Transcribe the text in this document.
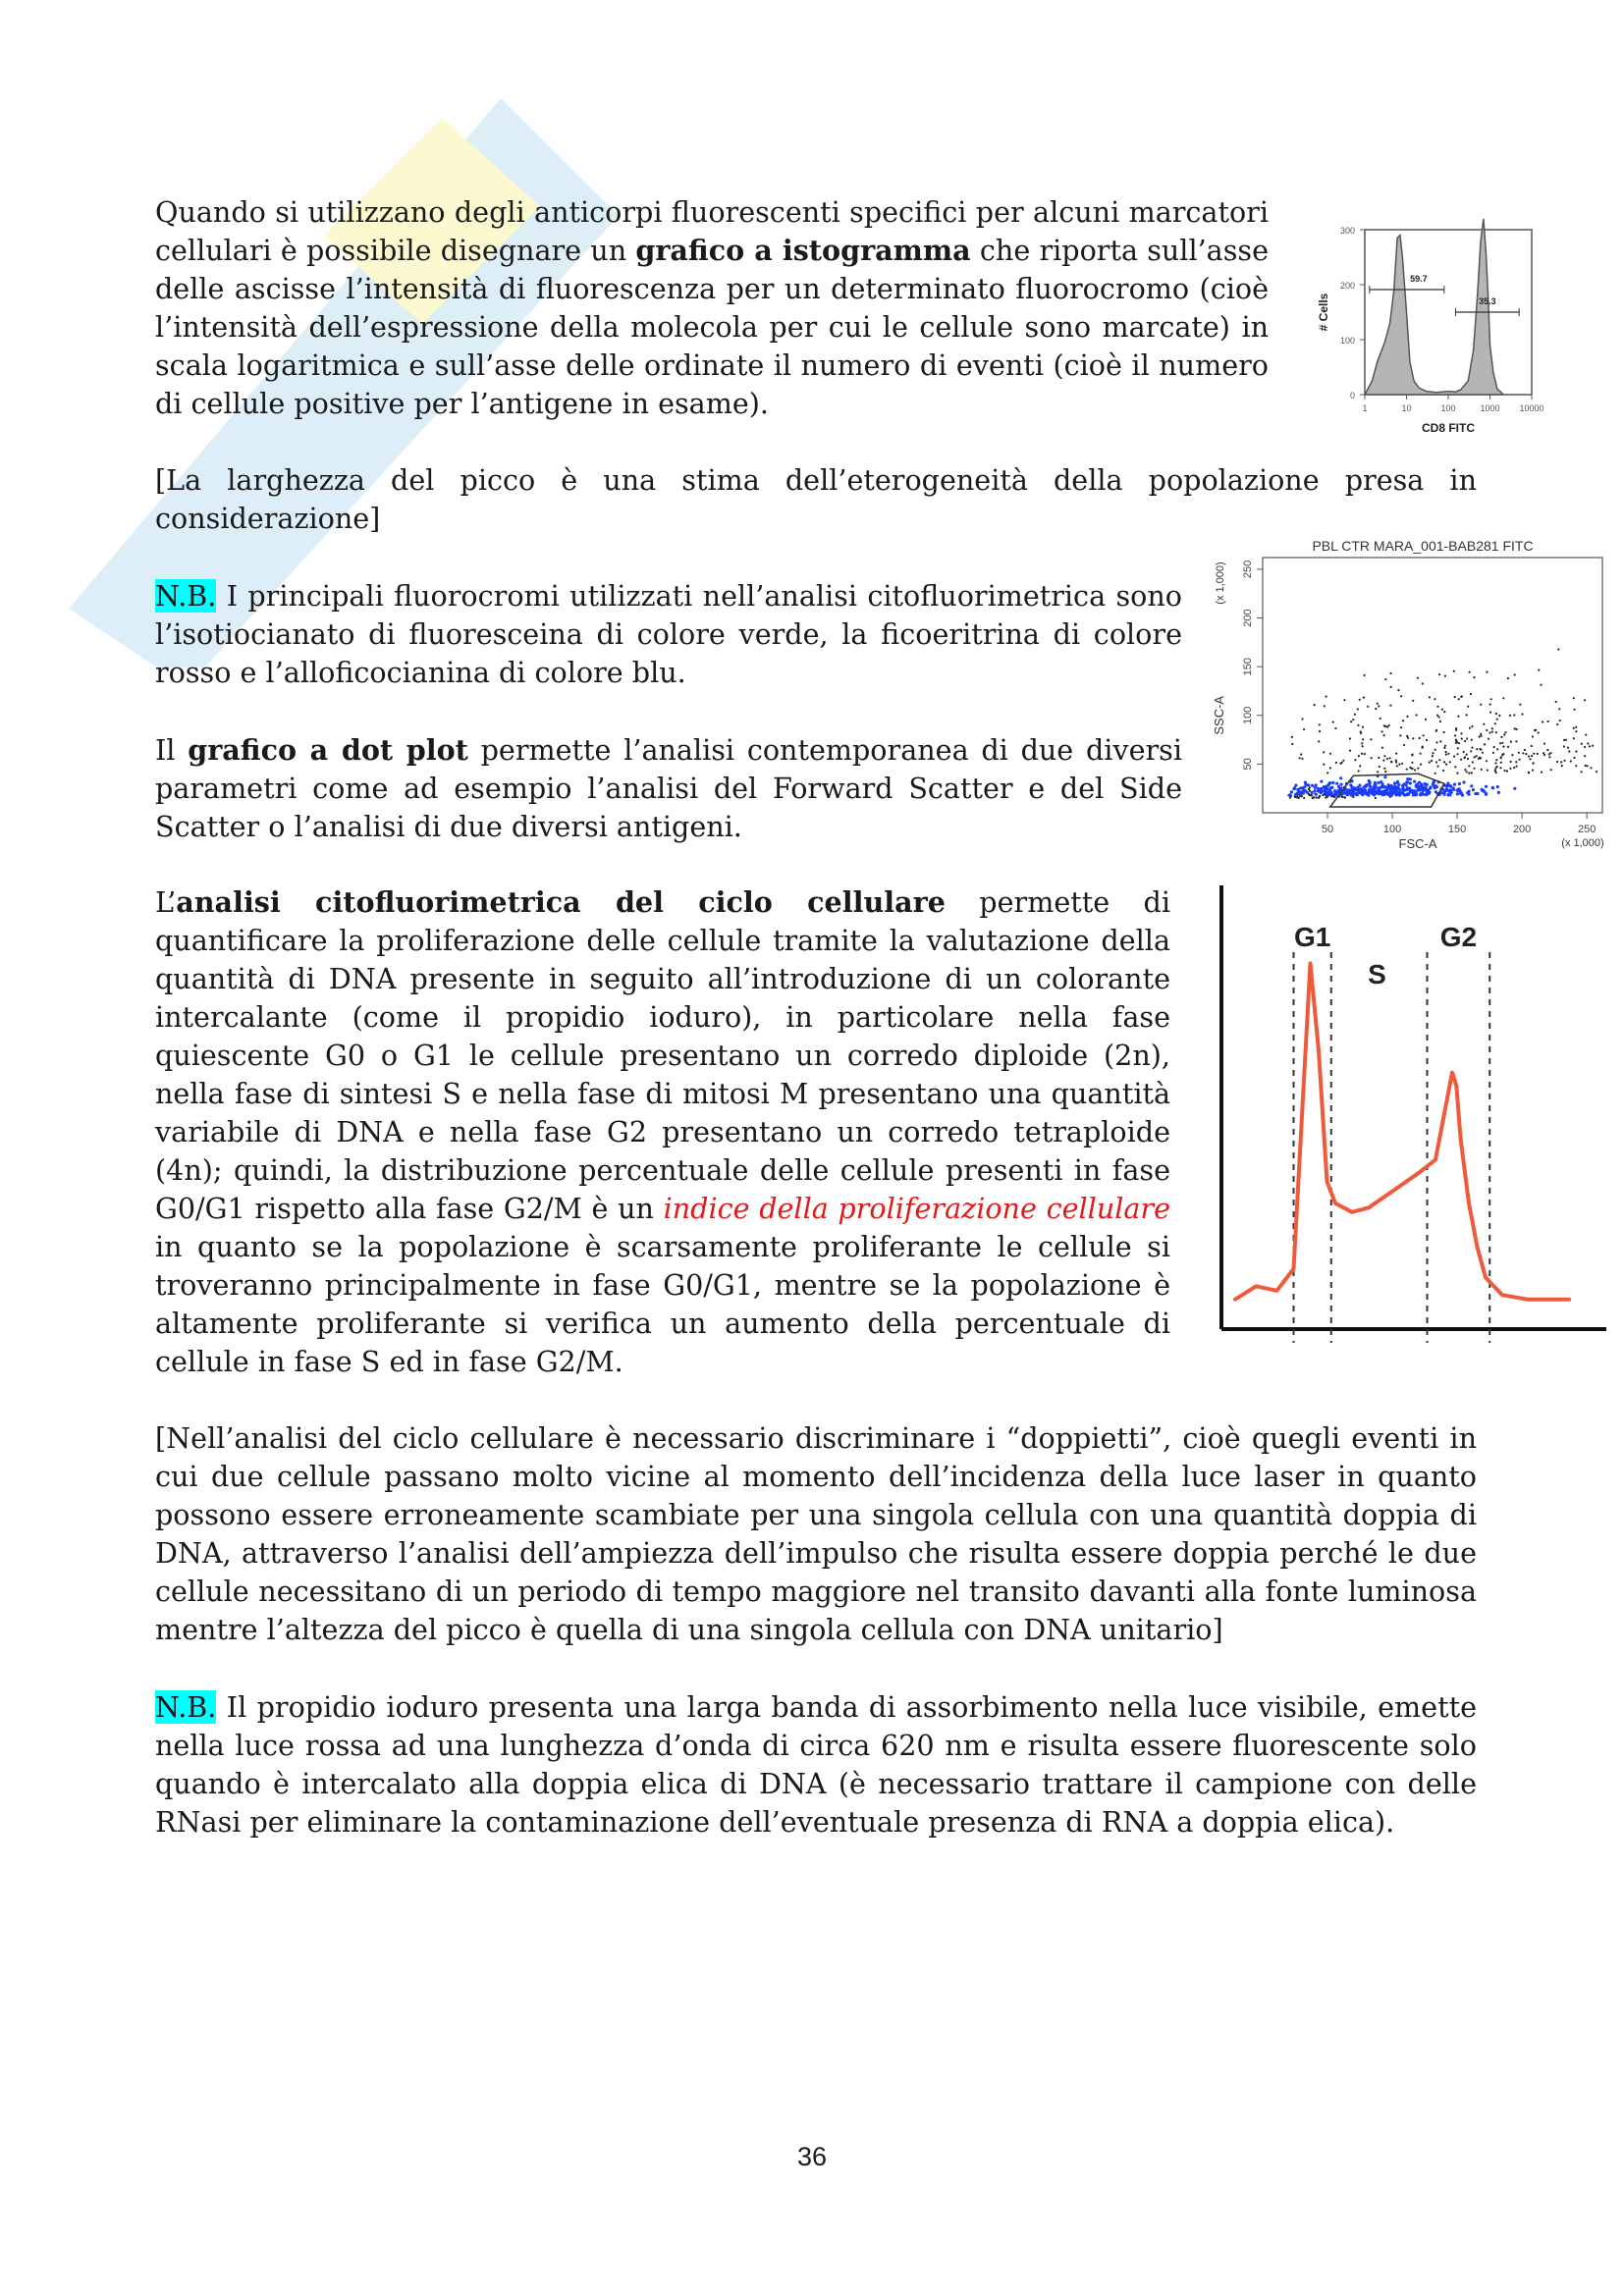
Quando si utilizzano degli anticorpi fluorescenti specifici per alcuni marcatori cellulari è possibile disegnare un grafico a istogramma che riporta sull’asse delle ascisse l’intensità di fluorescenza per un determinato fluorocromo (cioè l’intensità dell’espressione della molecola per cui le cellule sono marcate) in scala logaritmica e sull’asse delle ordinate il numero di eventi (cioè il numero di cellule positive per l’antigene in esame).	0
100
200
300
1	10	100	1000 10000
CD8 FITC
# Cells
59.7
35.3

[La larghezza del picco è una stima dell’eterogeneità della popolazione presa in considerazione]

N.B. I principali fluorocromi utilizzati nell’analisi citofluorimetrica sono l’isotiocianato di fluoresceina di colore verde, la ficoeritrina di colore rosso e l’alloficocianina di colore blu.

PBL CTR MARA_001-BAB281 FITC
50	100	150	200	250
50
100
150
200
250
FSC-A	(x 1,000)
SSC-A
(x 1,000)

Il grafico a dot plot permette l’analisi contemporanea di due diversi parametri come ad esempio l’analisi del Forward Scatter e del Side Scatter o l’analisi di due diversi antigeni.

L’analisi citofluorimetrica del ciclo cellulare permette di quantificare la proliferazione delle cellule tramite la valutazione della quantità di DNA presente in seguito all’introduzione di un colorante intercalante (come il propidio ioduro), in particolare nella fase quiescente G0 o G1 le cellule presentano un corredo diploide (2n), nella fase di sintesi S e nella fase di mitosi M presentano una quantità variabile di DNA e nella fase G2 presentano un corredo tetraploide (4n); quindi, la distribuzione percentuale delle cellule presenti in fase G0/G1 rispetto alla fase G2/M è un indice della proliferazione cellulare in quanto se la popolazione è scarsamente proliferante le cellule si troveranno principalmente in fase G0/G1, mentre se la popolazione è altamente proliferante si verifica un aumento della percentuale di cellule in fase S ed in fase G2/M.

G1
S
G2

[Nell’analisi del ciclo cellulare è necessario discriminare i “doppietti”, cioè quegli eventi in cui due cellule passano molto vicine al momento dell’incidenza della luce laser in quanto possono essere erroneamente scambiate per una singola cellula con una quantità doppia di DNA, attraverso l’analisi dell’ampiezza dell’impulso che risulta essere doppia perché le due cellule necessitano di un periodo di tempo maggiore nel transito davanti alla fonte luminosa mentre l’altezza del picco è quella di una singola cellula con DNA unitario]

N.B. Il propidio ioduro presenta una larga banda di assorbimento nella luce visibile, emette nella luce rossa ad una lunghezza d’onda di circa 620 nm e risulta essere fluorescente solo quando è intercalato alla doppia elica di DNA (è necessario trattare il campione con delle RNasi per eliminare la contaminazione dell’eventuale presenza di RNA a doppia elica).

36
